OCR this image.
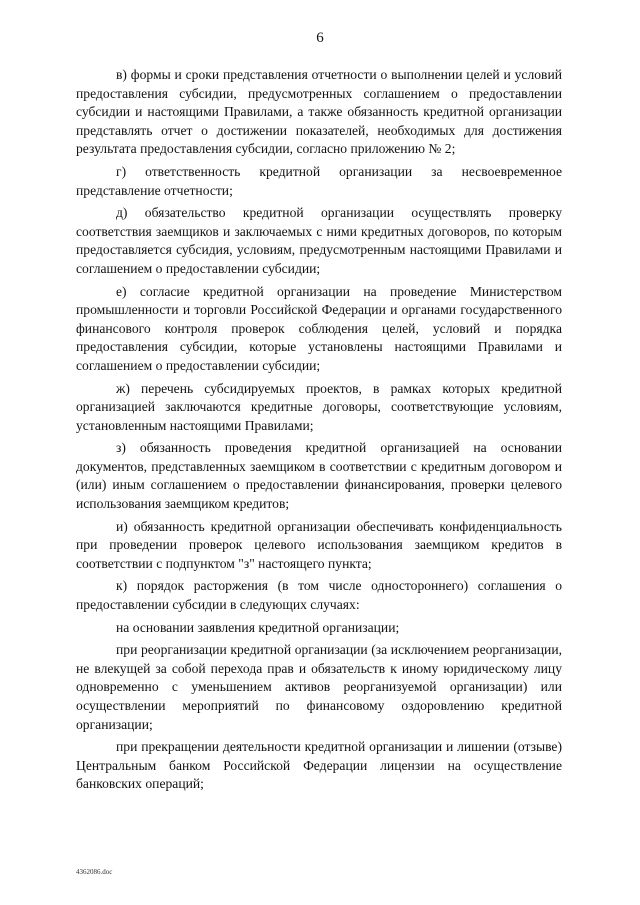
6

в) формы и сроки представления отчетности о выполнении целей и условий предоставления субсидии, предусмотренных соглашением о предоставлении субсидии и настоящими Правилами, а также обязанность кредитной организации представлять отчет о достижении показателей, необходимых для достижения результата предоставления субсидии, согласно приложению № 2;

г) ответственность кредитной организации за несвоевременное представление отчетности;

д) обязательство кредитной организации осуществлять проверку соответствия заемщиков и заключаемых с ними кредитных договоров, по которым предоставляется субсидия, условиям, предусмотренным настоящими Правилами и соглашением о предоставлении субсидии;

е) согласие кредитной организации на проведение Министерством промышленности и торговли Российской Федерации и органами государственного финансового контроля проверок соблюдения целей, условий и порядка предоставления субсидии, которые установлены настоящими Правилами и соглашением о предоставлении субсидии;

ж) перечень субсидируемых проектов, в рамках которых кредитной организацией заключаются кредитные договоры, соответствующие условиям, установленным настоящими Правилами;

з) обязанность проведения кредитной организацией на основании документов, представленных заемщиком в соответствии с кредитным договором и (или) иным соглашением о предоставлении финансирования, проверки целевого использования заемщиком кредитов;

и) обязанность кредитной организации обеспечивать конфиденциальность при проведении проверок целевого использования заемщиком кредитов в соответствии с подпунктом "з" настоящего пункта;

к) порядок расторжения (в том числе одностороннего) соглашения о предоставлении субсидии в следующих случаях:

на основании заявления кредитной организации;

при реорганизации кредитной организации (за исключением реорганизации, не влекущей за собой перехода прав и обязательств к иному юридическому лицу одновременно с уменьшением активов реорганизуемой организации) или осуществлении мероприятий по финансовому оздоровлению кредитной организации;

при прекращении деятельности кредитной организации и лишении (отзыве) Центральным банком Российской Федерации лицензии на осуществление банковских операций;

4362086.doc
